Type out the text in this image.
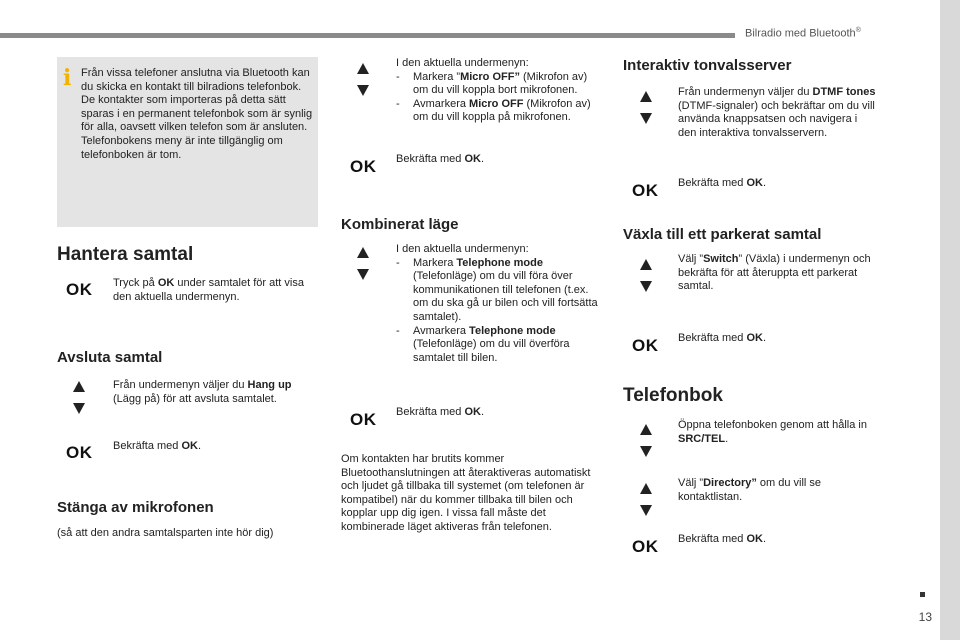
Bilradio med Bluetooth®
13
i Från vissa telefoner anslutna via Bluetooth kan du skicka en kontakt till bilradions telefonbok.
De kontakter som importeras på detta sätt sparas i en permanent telefonbok som är synlig för alla, oavsett vilken telefon som är ansluten.
Telefonbokens meny är inte tillgänglig om telefonboken är tom.
Hantera samtal
OK Tryck på OK under samtalet för att visa den aktuella undermenyn.
Avsluta samtal
Från undermenyn väljer du Hang up (Lägg på) för att avsluta samtalet.
OK Bekräfta med OK.
Stänga av mikrofonen
(så att den andra samtalsparten inte hör dig)
I den aktuella undermenyn:
- Markera ”Micro OFF” (Mikrofon av) om du vill koppla bort mikrofonen.
- Avmarkera Micro OFF (Mikrofon av) om du vill koppla på mikrofonen.
OK Bekräfta med OK.
Kombinerat läge
I den aktuella undermenyn:
- Markera Telephone mode (Telefonläge) om du vill föra över kommunikationen till telefonen (t.ex. om du ska gå ur bilen och vill fortsätta samtalet).
- Avmarkera Telephone mode (Telefonläge) om du vill överföra samtalet till bilen.
OK Bekräfta med OK.
Om kontakten har brutits kommer Bluetoothanslutningen att återaktiveras automatiskt och ljudet gå tillbaka till systemet (om telefonen är kompatibel) när du kommer tillbaka till bilen och kopplar upp dig igen. I vissa fall måste det kombinerade läget aktiveras från telefonen.
Interaktiv tonvalsserver
Från undermenyn väljer du DTMF tones (DTMF-signaler) och bekräftar om du vill använda knappsatsen och navigera i den interaktiva tonvalsservern.
OK Bekräfta med OK.
Växla till ett parkerat samtal
Välj ”Switch” (Växla) i undermenyn och bekräfta för att återuppta ett parkerat samtal.
OK Bekräfta med OK.
Telefonbok
Öppna telefonboken genom att hålla in SRC/TEL.
Välj ”Directory” om du vill se kontaktlistan.
OK Bekräfta med OK.
